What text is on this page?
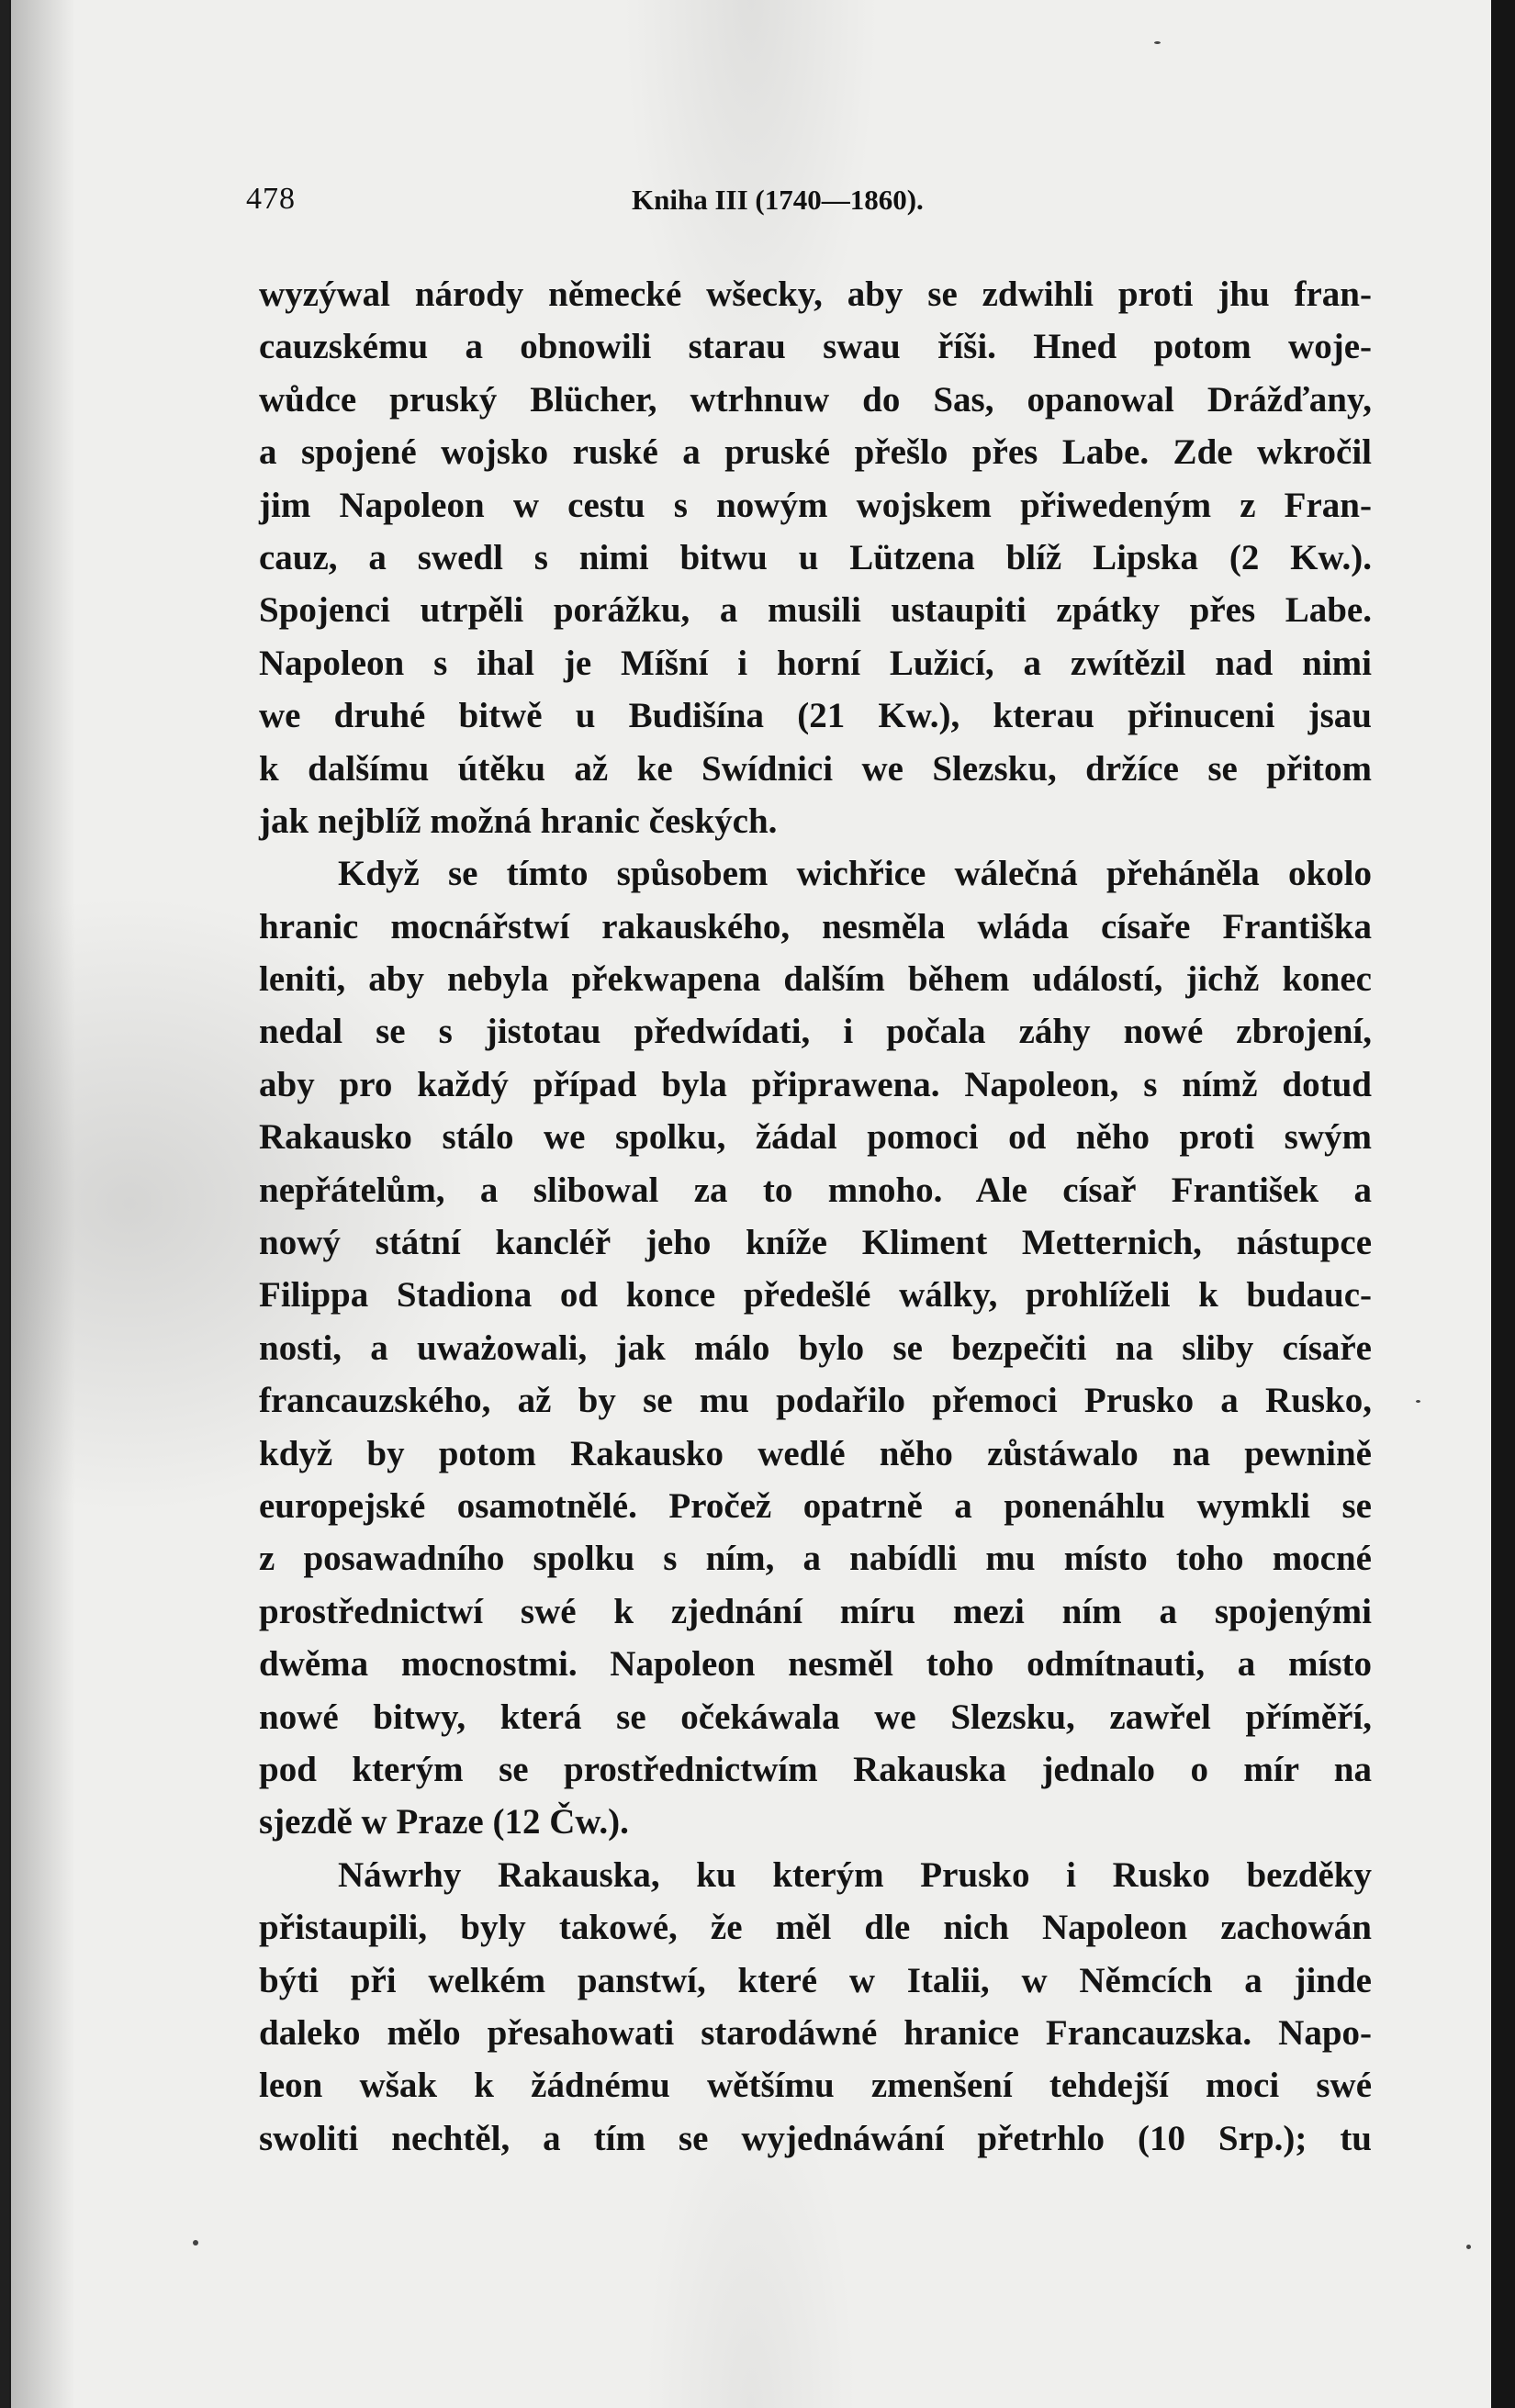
478	Kniha III (1740—1860).
wyzýwal národy německé wšecky, aby se zdwihli proti jhu fran-
cauzskému a obnowili starau swau říši. Hned potom woje-
wůdce pruský Blücher, wtrhnuw do Sas, opanowal Drážďany,
a spojené wojsko ruské a pruské přešlo přes Labe. Zde wkročil
jim Napoleon w cestu s nowým wojskem přiwedeným z Fran-
cauz, a swedl s nimi bitwu u Lützena blíž Lipska (2 Kw.).
Spojenci utrpěli porážku, a musili ustaupiti zpátky přes Labe.
Napoleon s ihal je Míšní i horní Lužicí, a zwítězil nad nimi
we druhé bitwě u Budišína (21 Kw.), kterau přinuceni jsau
k dalšímu útěku až ke Swídnici we Slezsku, držíce se přitom
jak nejblíž možná hranic českých.
Když se tímto spůsobem wichřice wálečná přeháněla okolo
hranic mocnářstwí rakauského, nesměla wláda císaře Františka
leniti, aby nebyla překwapena dalším během událostí, jichž konec
nedal se s jistotau předwídati, i počala záhy nowé zbrojení,
aby pro každý případ byla připrawena. Napoleon, s nímž dotud
Rakausko stálo we spolku, žádal pomoci od něho proti swým
nepřátelům, a slibowal za to mnoho. Ale císař František a
nowý státní kancléř jeho kníže Kliment Metternich, nástupce
Filippa Stadiona od konce předešlé wálky, prohlíželi k budauc-
nosti, a uważowali, jak málo bylo se bezpečiti na sliby císaře
francauzského, až by se mu podařilo přemoci Prusko a Rusko,
když by potom Rakausko wedlé něho zůstáwalo na pewnině
europejské osamotnělé. Pročež opatrně a ponenáhlu wymkli se
z posawadního spolku s ním, a nabídli mu místo toho mocné
prostřednictwí swé k zjednání míru mezi ním a spojenými
dwěma mocnostmi. Napoleon nesměl toho odmítnauti, a místo
nowé bitwy, která se očekáwala we Slezsku, zawřel příměří,
pod kterým se prostřednictwím Rakauska jednalo o mír na
sjezdě w Praze (12 Čw.).
Náwrhy Rakauska, ku kterým Prusko i Rusko bezděky
přistaupili, byly takowé, že měl dle nich Napoleon zachowán
býti při welkém panstwí, které w Italii, w Němcích a jinde
daleko mělo přesahowati starodáwné hranice Francauzska. Napo-
leon wšak k žádnému wětšímu zmenšení tehdejší moci swé
swoliti nechtěl, a tím se wyjednáwání přetrhlo (10 Srp.); tu
